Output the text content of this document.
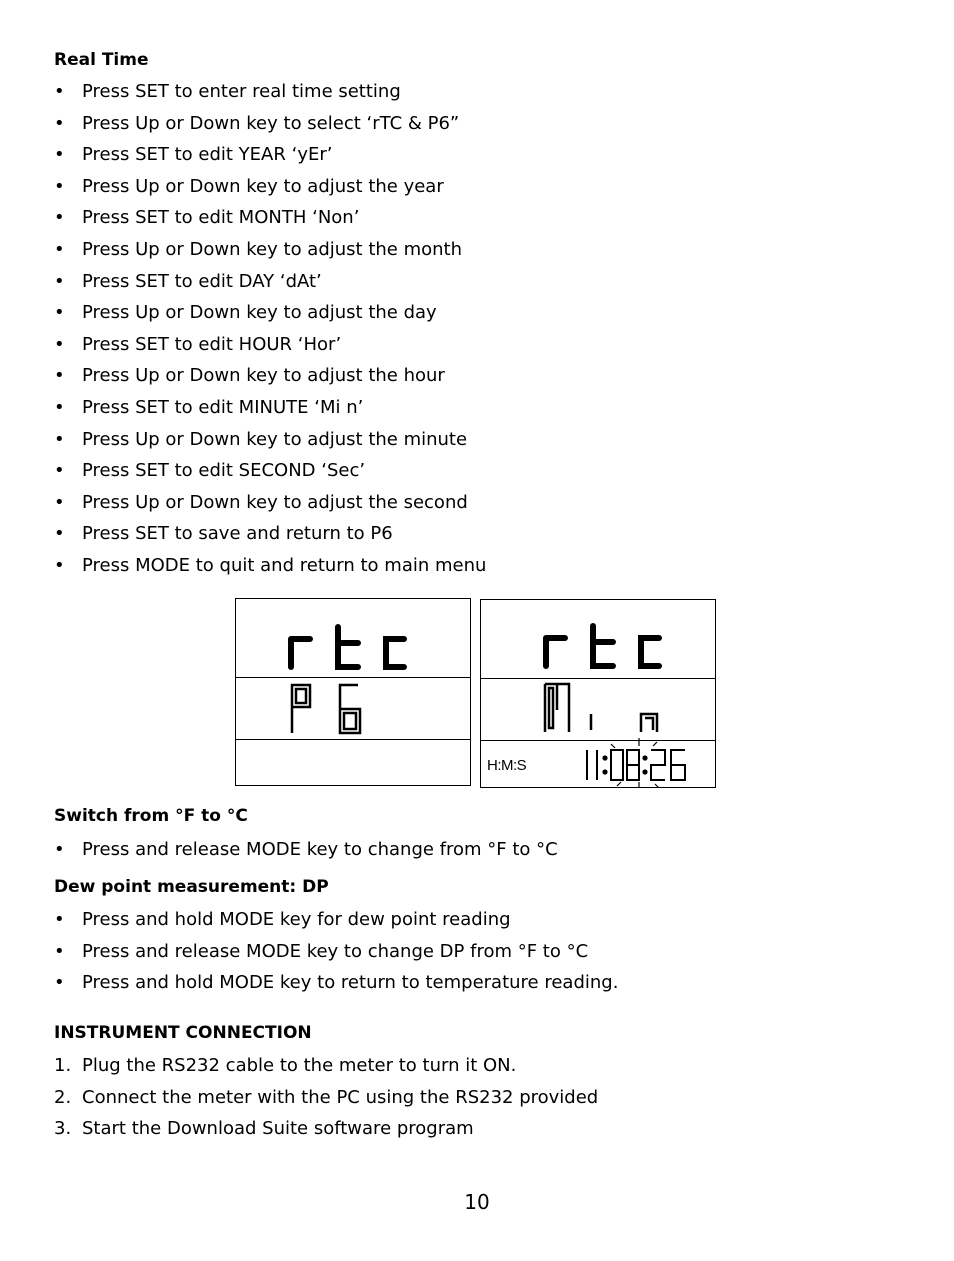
Real Time
• Press SET to enter real time setting
• Press Up or Down key to select ‘rTC & P6”
• Press SET to edit YEAR ‘yEr’
• Press Up or Down key to adjust the year
• Press SET to edit MONTH ‘Non’
• Press Up or Down key to adjust the month
• Press SET to edit DAY ‘dAt’
• Press Up or Down key to adjust the day
• Press SET to edit HOUR ‘Hor’
• Press Up or Down key to adjust the hour
• Press SET to edit MINUTE ‘Mi n’
• Press Up or Down key to adjust the minute
• Press SET to edit SECOND ‘Sec’
• Press Up or Down key to adjust the second
• Press SET to save and return to P6
• Press MODE to quit and return to main menu
H:M:S
Switch from °F to °C
• Press and release MODE key to change from °F to °C
Dew point measurement: DP
• Press and hold MODE key for dew point reading
• Press and release MODE key to change DP from °F to °C
• Press and hold MODE key to return to temperature reading.
INSTRUMENT CONNECTION
1. Plug the RS232 cable to the meter to turn it ON.
2. Connect the meter with the PC using the RS232 provided
3. Start the Download Suite software program
10
